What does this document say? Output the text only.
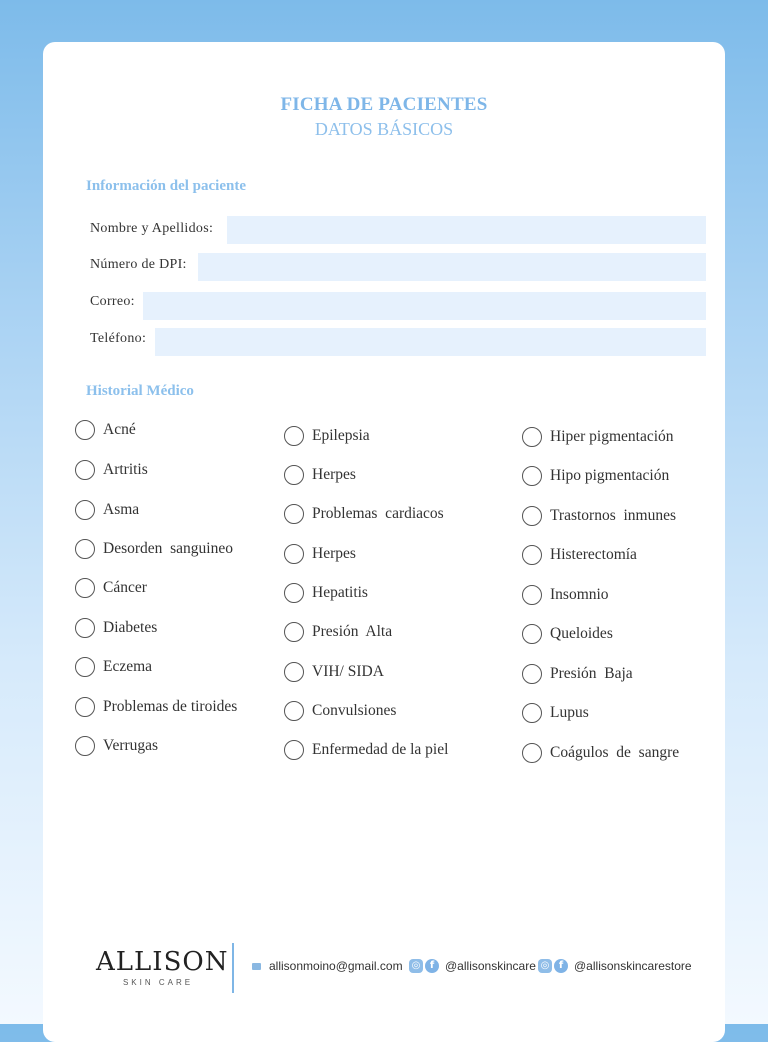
FICHA DE PACIENTES
DATOS BÁSICOS
Información del paciente
Nombre y Apellidos:
Número de DPI:
Correo:
Teléfono:
Historial Médico
Acné
Artritis
Asma
Desorden  sanguineo
Cáncer
Diabetes
Eczema
Problemas de tiroides
Verrugas
Epilepsia
Herpes
Problemas  cardiacos
Herpes
Hepatitis
Presión  Alta
VIH/ SIDA
Convulsiones
Enfermedad de la piel
Hiper pigmentación
Hipo pigmentación
Trastornos  inmunes
Histerectomía
Insomnio
Queloides
Presión  Baja
Lupus
Coágulos  de  sangre
ALLISON
SKIN CARE
allisonmoino@gmail.com ◎ f @allisonskincare ◎ f @allisonskincarestore
